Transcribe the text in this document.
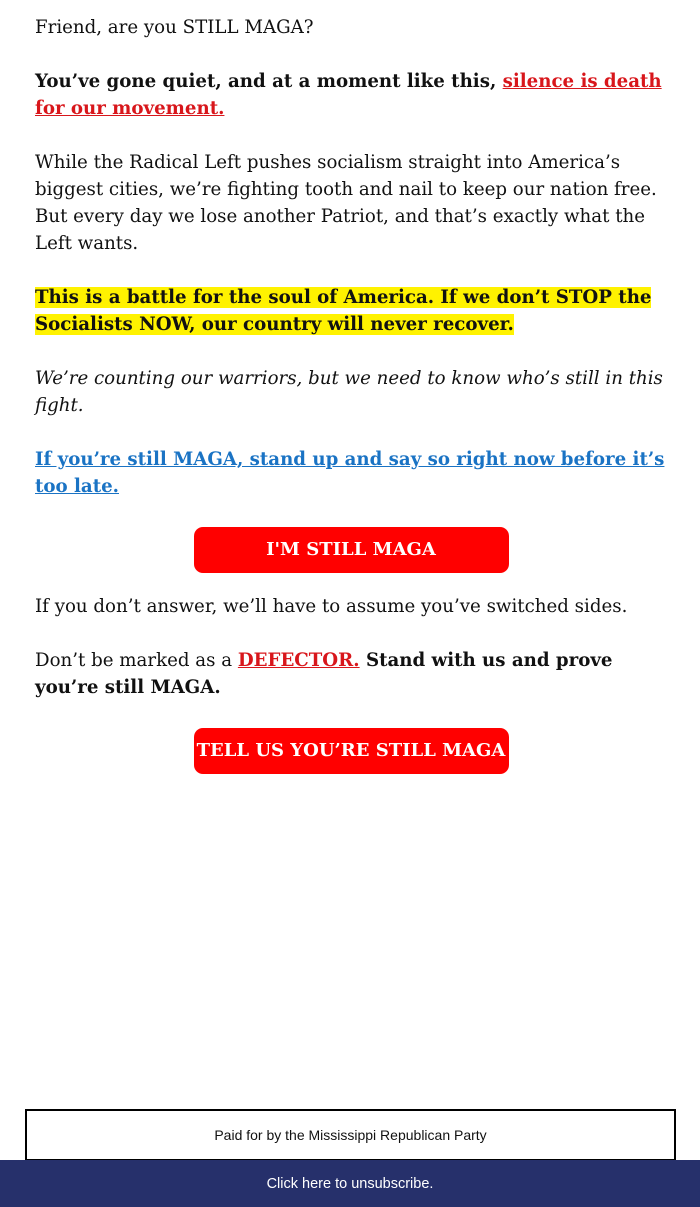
Friend, are you STILL MAGA?

You’ve gone quiet, and at a moment like this, silence is death for our movement.

While the Radical Left pushes socialism straight into America’s biggest cities, we’re fighting tooth and nail to keep our nation free. But every day we lose another Patriot, and that’s exactly what the Left wants.

This is a battle for the soul of America. If we don’t STOP the Socialists NOW, our country will never recover.

We’re counting our warriors, but we need to know who’s still in this fight.

If you’re still MAGA, stand up and say so right now before it’s too late.

I'M STILL MAGA

If you don’t answer, we’ll have to assume you’ve switched sides.

Don’t be marked as a DEFECTOR. Stand with us and prove you’re still MAGA.

TELL US YOU’RE STILL MAGA
Paid for by the Mississippi Republican Party
Click here to unsubscribe.
